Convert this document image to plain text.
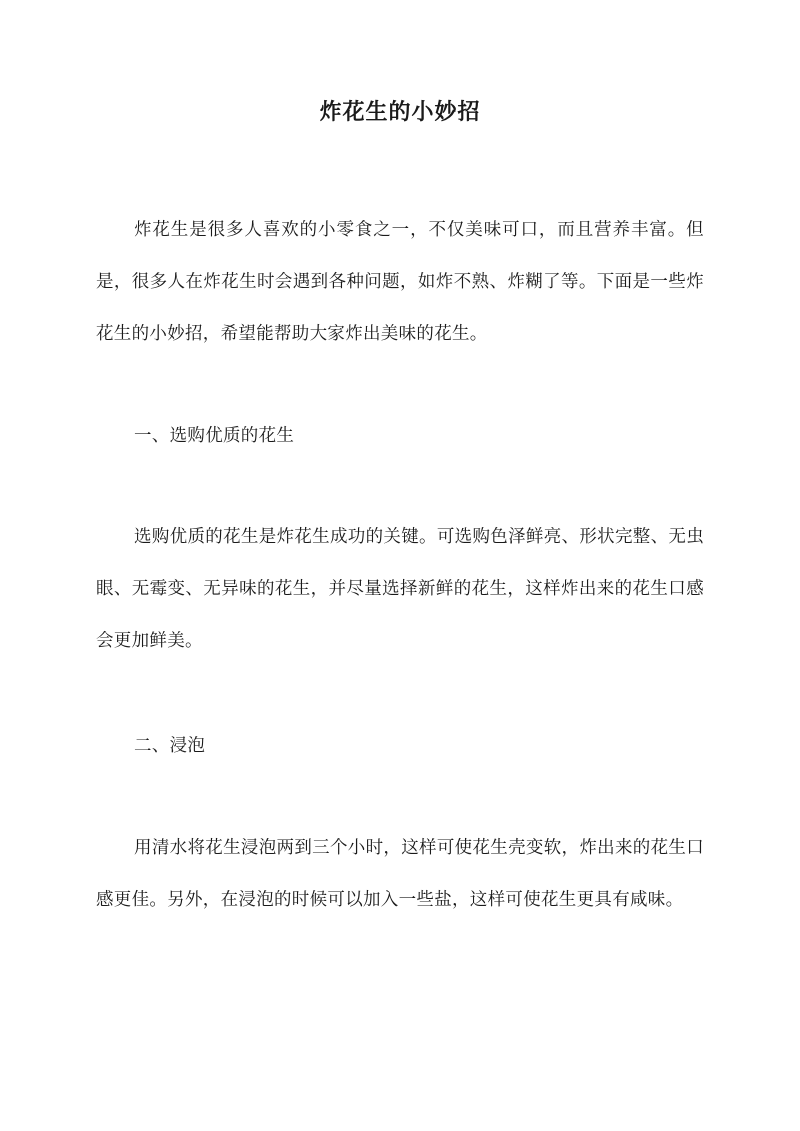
炸花生的小妙招

炸花生是很多人喜欢的小零食之一，不仅美味可口，而且营养丰富。但是，很多人在炸花生时会遇到各种问题，如炸不熟、炸糊了等。下面是一些炸花生的小妙招，希望能帮助大家炸出美味的花生。

一、选购优质的花生

选购优质的花生是炸花生成功的关键。可选购色泽鲜亮、形状完整、无虫眼、无霉变、无异味的花生，并尽量选择新鲜的花生，这样炸出来的花生口感会更加鲜美。

二、浸泡

用清水将花生浸泡两到三个小时，这样可使花生壳变软，炸出来的花生口感更佳。另外，在浸泡的时候可以加入一些盐，这样可使花生更具有咸味。
